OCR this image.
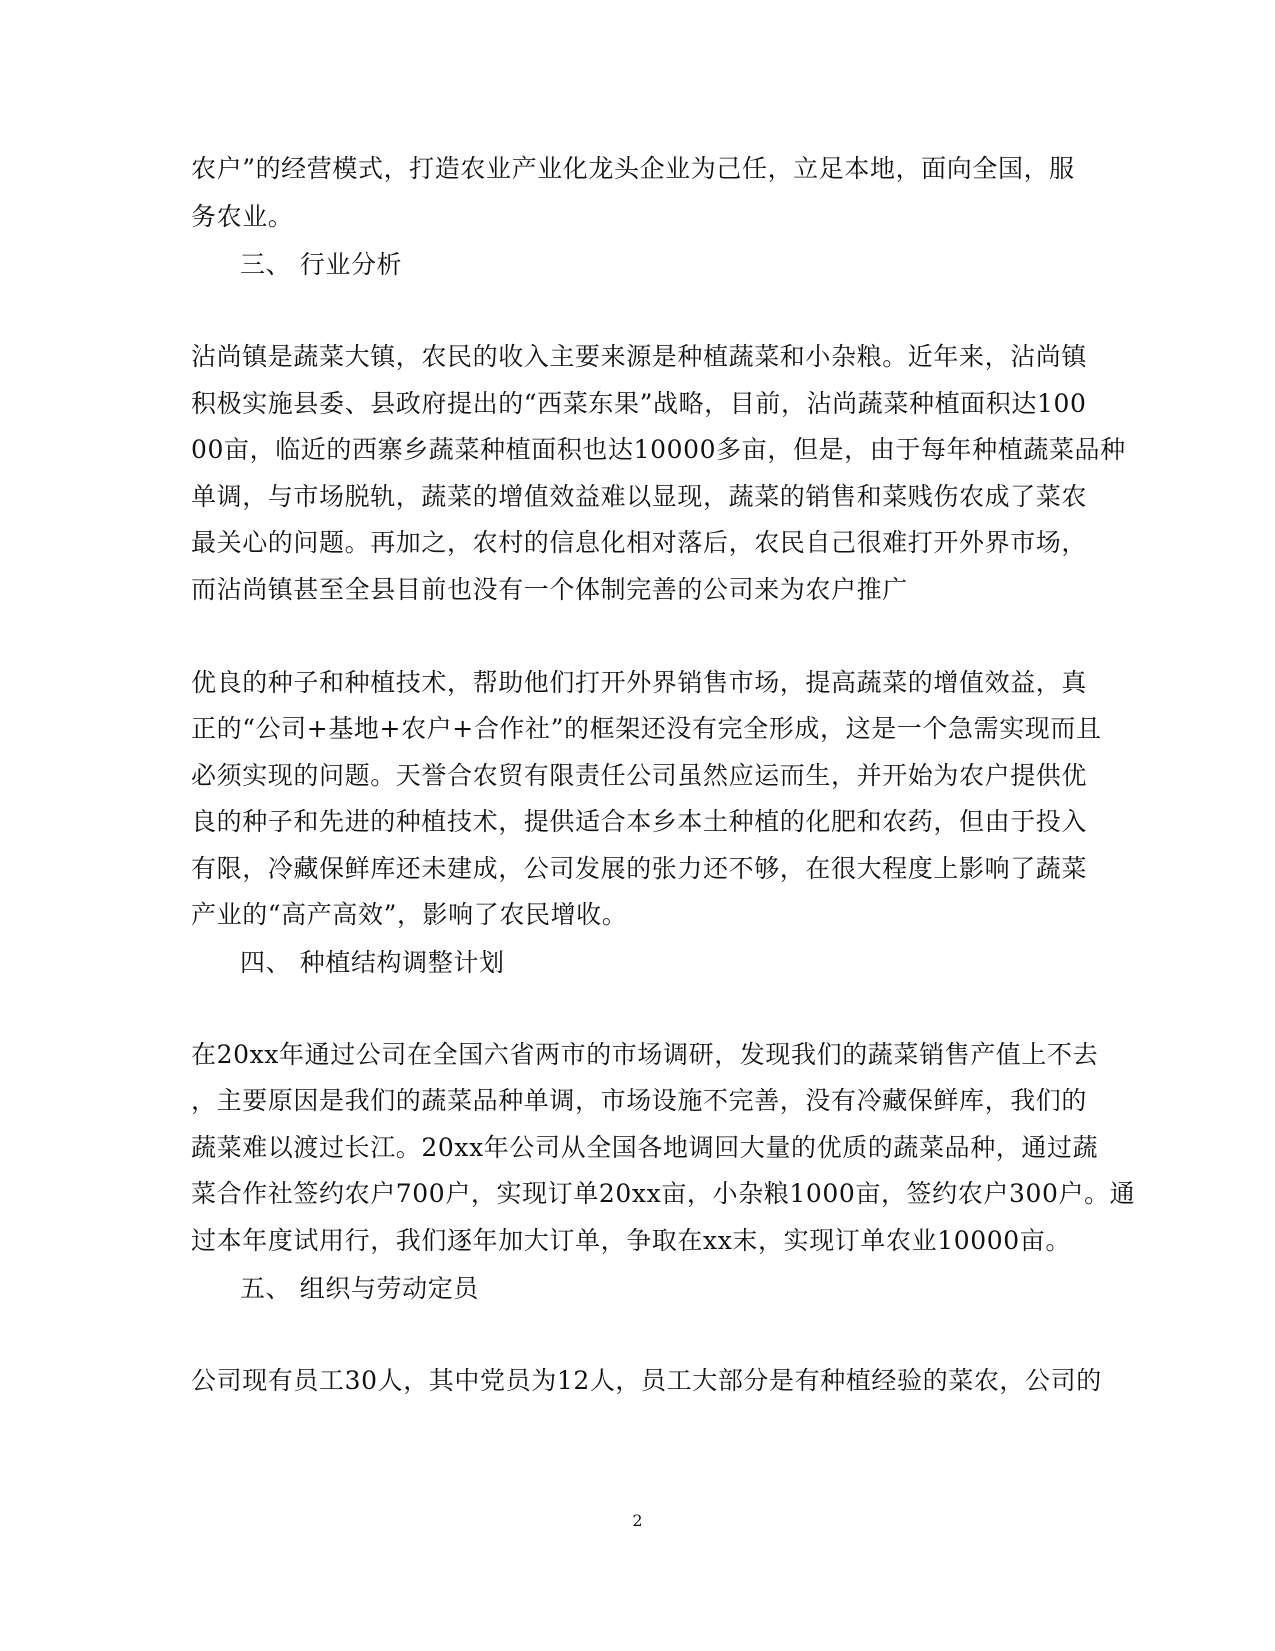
农户”的经营模式，打造农业产业化龙头企业为己任，立足本地，面向全国，服
务农业。
三、 行业分析
沾尚镇是蔬菜大镇，农民的收入主要来源是种植蔬菜和小杂粮。近年来，沾尚镇
积极实施县委、县政府提出的“西菜东果”战略，目前，沾尚蔬菜种植面积达100
00亩，临近的西寨乡蔬菜种植面积也达10000多亩，但是，由于每年种植蔬菜品种
单调，与市场脱轨，蔬菜的增值效益难以显现，蔬菜的销售和菜贱伤农成了菜农
最关心的问题。再加之，农村的信息化相对落后，农民自己很难打开外界市场，
而沾尚镇甚至全县目前也没有一个体制完善的公司来为农户推广
优良的种子和种植技术，帮助他们打开外界销售市场，提高蔬菜的增值效益，真
正的“公司+基地+农户+合作社”的框架还没有完全形成，这是一个急需实现而且
必须实现的问题。天誉合农贸有限责任公司虽然应运而生，并开始为农户提供优
良的种子和先进的种植技术，提供适合本乡本土种植的化肥和农药，但由于投入
有限，冷藏保鲜库还未建成，公司发展的张力还不够，在很大程度上影响了蔬菜
产业的“高产高效”，影响了农民增收。
四、 种植结构调整计划
在20xx年通过公司在全国六省两市的市场调研，发现我们的蔬菜销售产值上不去
，主要原因是我们的蔬菜品种单调，市场设施不完善，没有冷藏保鲜库，我们的
蔬菜难以渡过长江。20xx年公司从全国各地调回大量的优质的蔬菜品种，通过蔬
菜合作社签约农户700户，实现订单20xx亩，小杂粮1000亩，签约农户300户。通
过本年度试用行，我们逐年加大订单，争取在xx末，实现订单农业10000亩。
五、 组织与劳动定员
公司现有员工30人，其中党员为12人，员工大部分是有种植经验的菜农，公司的
2
